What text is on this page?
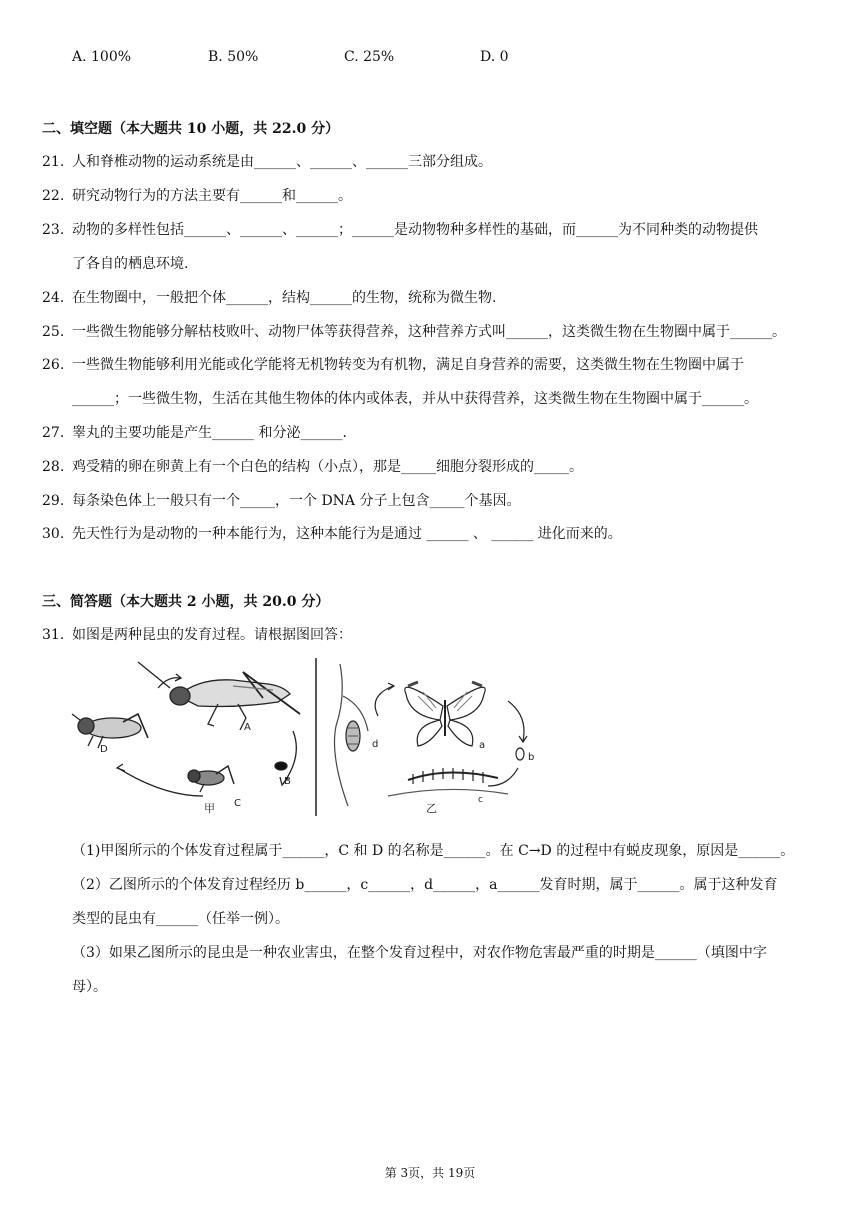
A. 100%	B. 50%	C. 25%	D. 0
二、填空题（本大题共 10 小题，共 22.0 分）
21. 人和脊椎动物的运动系统是由______、______、______三部分组成。
22. 研究动物行为的方法主要有______和______。
23. 动物的多样性包括______、______、______；______是动物物种多样性的基础，而______为不同种类的动物提供
了各自的栖息环境.
24. 在生物圈中，一般把个体______，结构______的生物，统称为微生物.
25. 一些微生物能够分解枯枝败叶、动物尸体等获得营养，这种营养方式叫______，这类微生物在生物圈中属于______。
26. 一些微生物能够利用光能或化学能将无机物转变为有机物，满足自身营养的需要，这类微生物在生物圈中属于
______；一些微生物，生活在其他生物体的体内或体表，并从中获得营养，这类微生物在生物圈中属于______。
27. 睾丸的主要功能是产生______ 和分泌______.
28. 鸡受精的卵在卵黄上有一个白色的结构（小点），那是_____细胞分裂形成的_____。
29. 每条染色体上一般只有一个_____，一个 DNA 分子上包含_____个基因。
30. 先天性行为是动物的一种本能行为，这种本能行为是通过 ______ 、 ______ 进化而来的。
三、简答题（本大题共 2 小题，共 20.0 分）
31. 如图是两种昆虫的发育过程。请根据图回答：
A
B
C
D
甲
a
b
c
d
乙
（1)甲图所示的个体发育过程属于______，C 和 D 的名称是______。在 C→D 的过程中有蜕皮现象，原因是______。
（2）乙图所示的个体发育过程经历 b______，c______，d______，a______发育时期，属于______。属于这种发育
类型的昆虫有______（任举一例）。
（3）如果乙图所示的昆虫是一种农业害虫，在整个发育过程中，对农作物危害最严重的时期是______（填图中字
母）。
第 3页，共 19页
